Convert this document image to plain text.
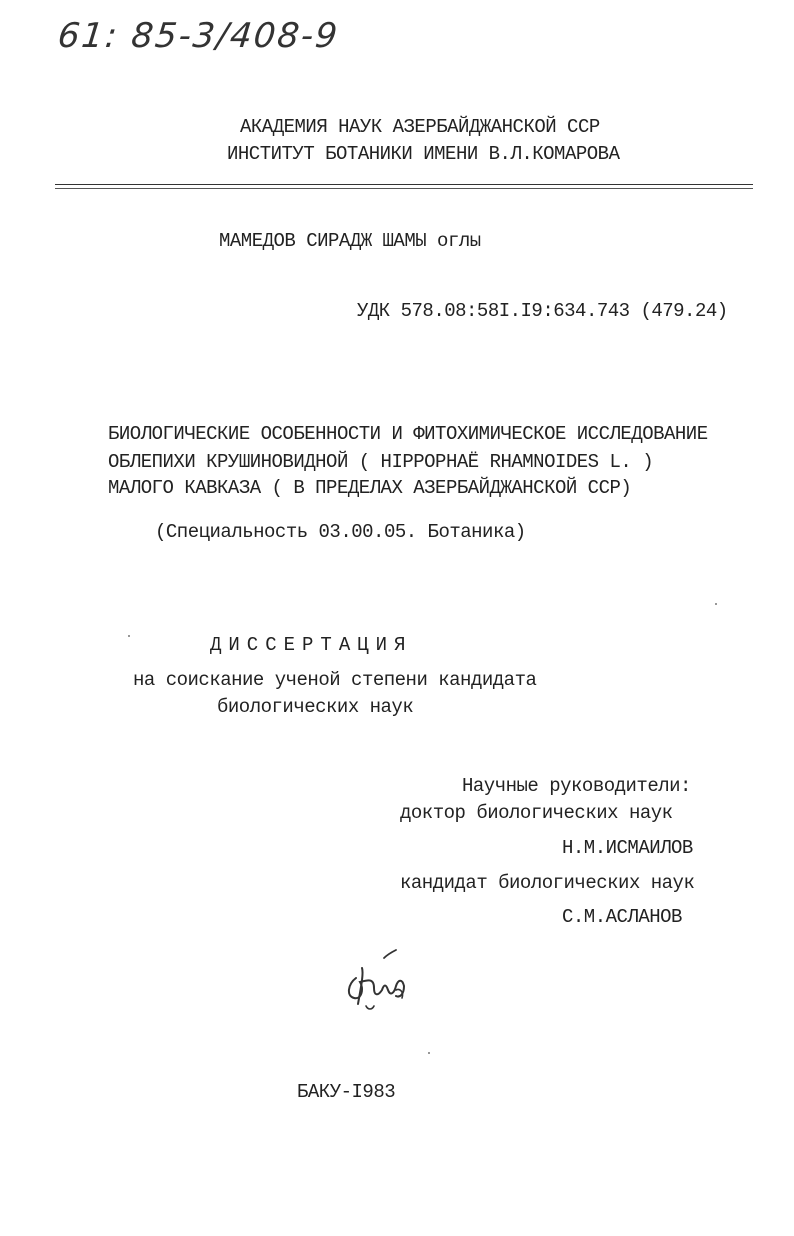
61: 85-3/408-9
АКАДЕМИЯ НАУК АЗЕРБАЙДЖАНСКОЙ ССР
ИНСТИТУТ БОТАНИКИ ИМЕНИ В.Л.КОМАРОВА
МАМЕДОВ СИРАДЖ ШАМЫ оглы
УДК 578.08:58I.I9:634.743 (479.24)
БИОЛОГИЧЕСКИЕ ОСОБЕННОСТИ И ФИТОХИМИЧЕСКОЕ ИССЛЕДОВАНИЕ
ОБЛЕПИХИ КРУШИНОВИДНОЙ ( HIPPOPHAË RHAMNOIDES L. )
МАЛОГО КАВКАЗА ( В ПРЕДЕЛАХ АЗЕРБАЙДЖАНСКОЙ ССР)
(Специальность 03.00.05. Ботаника)
ДИССЕРТАЦИЯ
на соискание ученой степени кандидата
биологических наук
Научные руководители:
доктор биологических наук
Н.М.ИСМАИЛОВ
кандидат биологических наук
С.М.АСЛАНОВ
БАКУ-I983
